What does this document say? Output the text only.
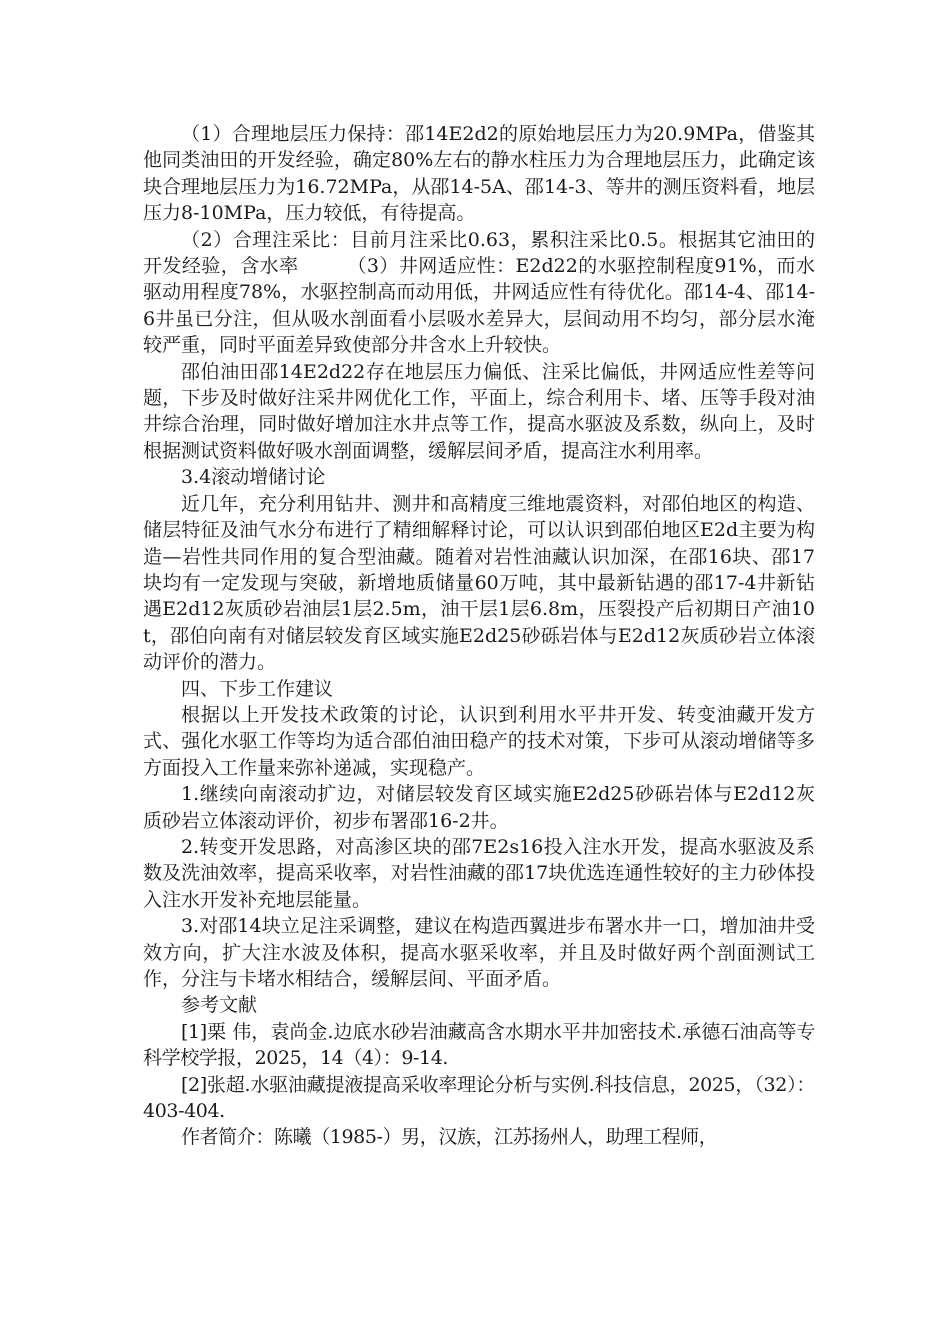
（1）合理地层压力保持：邵14E2d2的原始地层压力为20.9MPa，借鉴其他同类油田的开发经验，确定80%左右的静水柱压力为合理地层压力，此确定该块合理地层压力为16.72MPa，从邵14-5A、邵14-3、等井的测压资料看，地层压力8-10MPa，压力较低，有待提高。

（2）合理注采比：目前月注采比0.63，累积注采比0.5。根据其它油田的开发经验，含水率　　　（3）井网适应性：E2d22的水驱控制程度91%，而水驱动用程度78%，水驱控制高而动用低，井网适应性有待优化。邵14-4、邵14-6井虽已分注，但从吸水剖面看小层吸水差异大，层间动用不均匀，部分层水淹较严重，同时平面差异致使部分井含水上升较快。

邵伯油田邵14E2d22存在地层压力偏低、注采比偏低，井网适应性差等问题，下步及时做好注采井网优化工作，平面上，综合利用卡、堵、压等手段对油井综合治理，同时做好增加注水井点等工作，提高水驱波及系数，纵向上，及时根据测试资料做好吸水剖面调整，缓解层间矛盾，提高注水利用率。

3.4滚动增储讨论

近几年，充分利用钻井、测井和高精度三维地震资料，对邵伯地区的构造、储层特征及油气水分布进行了精细解释讨论，可以认识到邵伯地区E2d主要为构造—岩性共同作用的复合型油藏。随着对岩性油藏认识加深，在邵16块、邵17块均有一定发现与突破，新增地质储量60万吨，其中最新钻遇的邵17-4井新钻遇E2d12灰质砂岩油层1层2.5m，油干层1层6.8m，压裂投产后初期日产油10t，邵伯向南有对储层较发育区域实施E2d25砂砾岩体与E2d12灰质砂岩立体滚动评价的潜力。

四、下步工作建议

根据以上开发技术政策的讨论，认识到利用水平井开发、转变油藏开发方式、强化水驱工作等均为适合邵伯油田稳产的技术对策，下步可从滚动增储等多方面投入工作量来弥补递减，实现稳产。

1.继续向南滚动扩边，对储层较发育区域实施E2d25砂砾岩体与E2d12灰质砂岩立体滚动评价，初步布署邵16-2井。

2.转变开发思路，对高渗区块的邵7E2s16投入注水开发，提高水驱波及系数及洗油效率，提高采收率，对岩性油藏的邵17块优选连通性较好的主力砂体投入注水开发补充地层能量。

3.对邵14块立足注采调整，建议在构造西翼进步布署水井一口，增加油井受效方向，扩大注水波及体积，提高水驱采收率，并且及时做好两个剖面测试工作，分注与卡堵水相结合，缓解层间、平面矛盾。

参考文献

[1]栗 伟，袁尚金.边底水砂岩油藏高含水期水平井加密技术.承德石油高等专科学校学报，2025，14（4）：9-14.

[2]张超.水驱油藏提液提高采收率理论分析与实例.科技信息，2025，（32）：403-404.

作者简介：陈曦（1985-）男，汉族，江苏扬州人，助理工程师，
